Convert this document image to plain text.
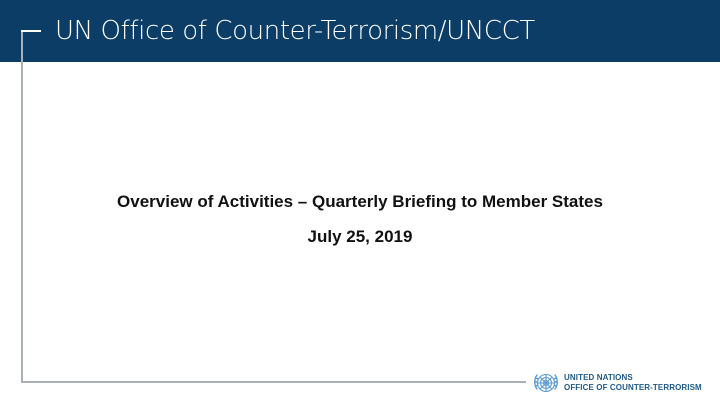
UN Office of Counter-Terrorism/UNCCT
Overview of Activities – Quarterly Briefing to Member States
July 25, 2019
UNITED NATIONS
OFFICE OF COUNTER-TERRORISM
